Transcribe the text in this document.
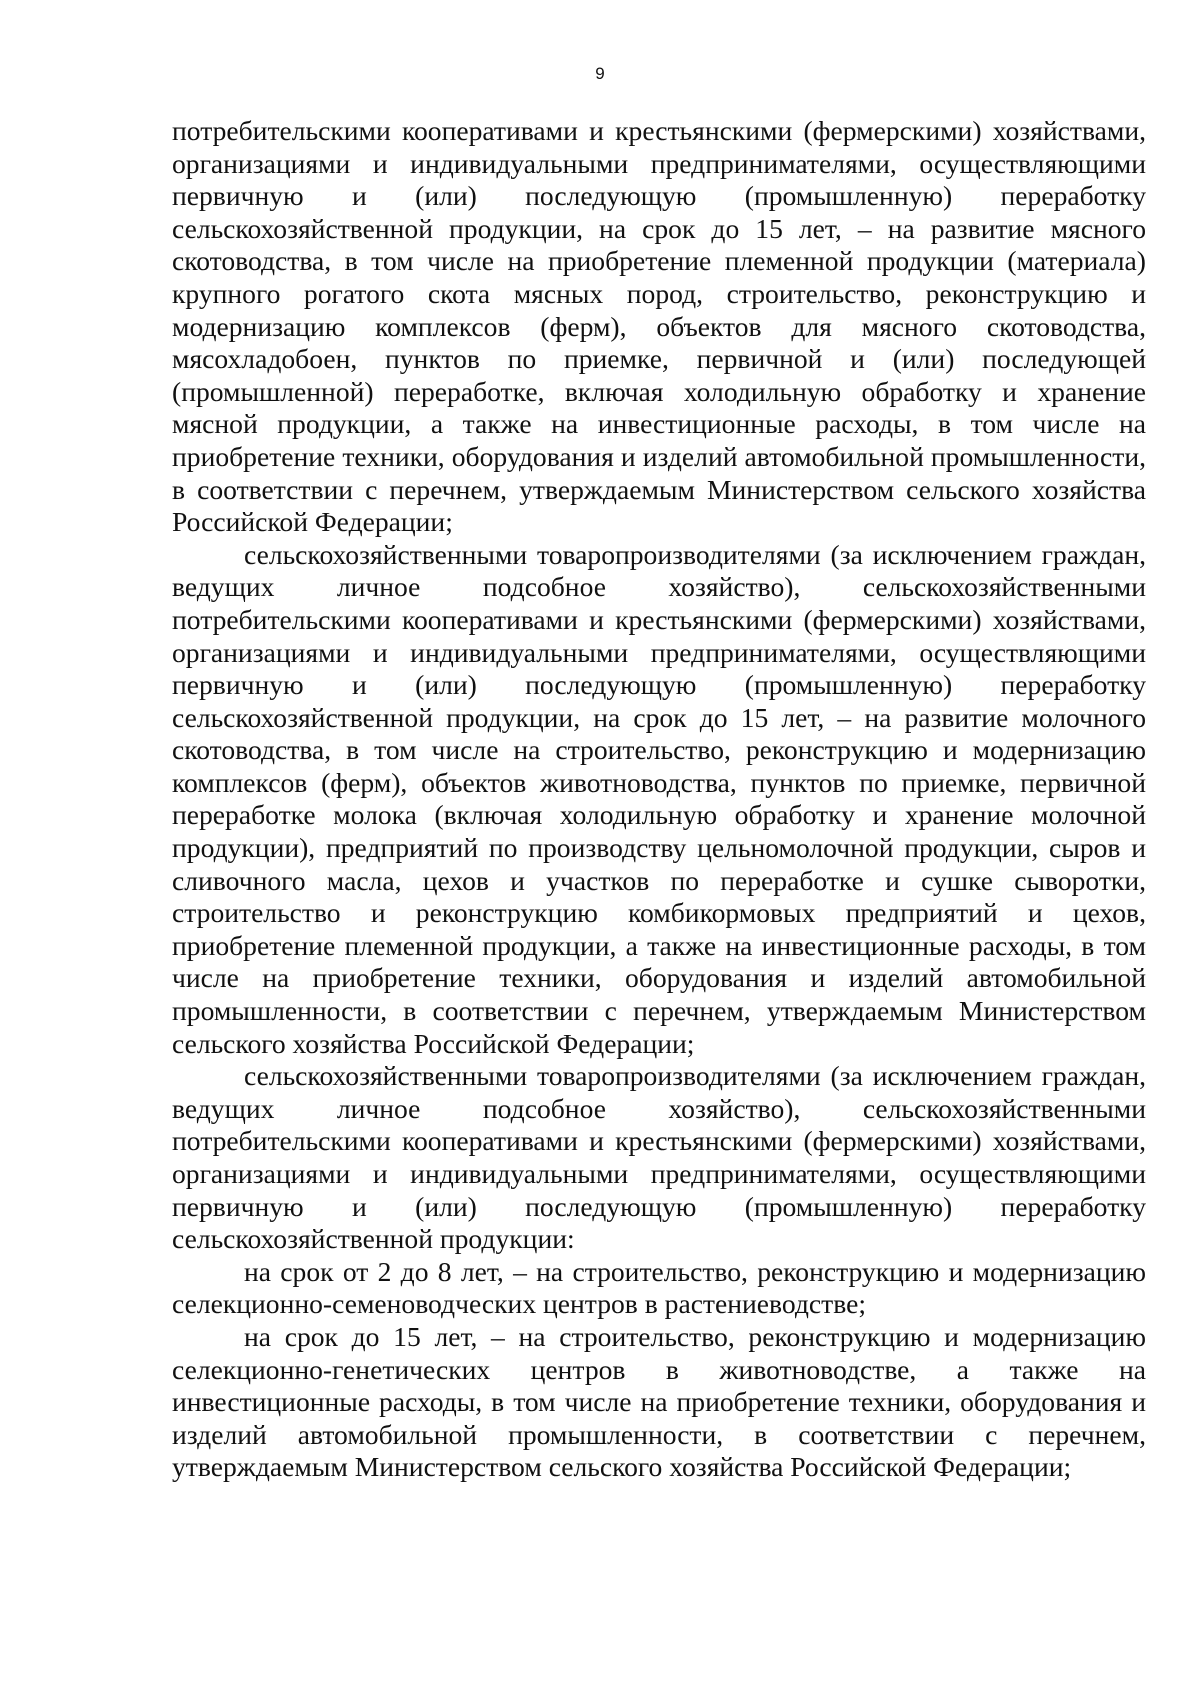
9

потребительскими кооперативами и крестьянскими (фермерскими) хозяйствами, организациями и индивидуальными предпринимателями, осуществляющими первичную и (или) последующую (промышленную) переработку сельскохозяйственной продукции, на срок до 15 лет, – на развитие мясного скотоводства, в том числе на приобретение племенной продукции (материала) крупного рогатого скота мясных пород, строительство, реконструкцию и модернизацию комплексов (ферм), объектов для мясного скотоводства, мясохладобоен, пунктов по приемке, первичной и (или) последующей (промышленной) переработке, включая холодильную обработку и хранение мясной продукции, а также на инвестиционные расходы, в том числе на приобретение техники, оборудования и изделий автомобильной промышленности, в соответствии с перечнем, утверждаемым Министерством сельского хозяйства Российской Федерации;

сельскохозяйственными товаропроизводителями (за исключением граждан, ведущих личное подсобное хозяйство), сельскохозяйственными потребительскими кооперативами и крестьянскими (фермерскими) хозяйствами, организациями и индивидуальными предпринимателями, осуществляющими первичную и (или) последующую (промышленную) переработку сельскохозяйственной продукции, на срок до 15 лет, – на развитие молочного скотоводства, в том числе на строительство, реконструкцию и модернизацию комплексов (ферм), объектов животноводства, пунктов по приемке, первичной переработке молока (включая холодильную обработку и хранение молочной продукции), предприятий по производству цельномолочной продукции, сыров и сливочного масла, цехов и участков по переработке и сушке сыворотки, строительство и реконструкцию комбикормовых предприятий и цехов, приобретение племенной продукции, а также на инвестиционные расходы, в том числе на приобретение техники, оборудования и изделий автомобильной промышленности, в соответствии с перечнем, утверждаемым Министерством сельского хозяйства Российской Федерации;

сельскохозяйственными товаропроизводителями (за исключением граждан, ведущих личное подсобное хозяйство), сельскохозяйственными потребительскими кооперативами и крестьянскими (фермерскими) хозяйствами, организациями и индивидуальными предпринимателями, осуществляющими первичную и (или) последующую (промышленную) переработку сельскохозяйственной продукции:

на срок от 2 до 8 лет, – на строительство, реконструкцию и модернизацию селекционно-семеноводческих центров в растениеводстве;

на срок до 15 лет, – на строительство, реконструкцию и модернизацию селекционно-генетических центров в животноводстве, а также на инвестиционные расходы, в том числе на приобретение техники, оборудования и изделий автомобильной промышленности, в соответствии с перечнем, утверждаемым Министерством сельского хозяйства Российской Федерации;
